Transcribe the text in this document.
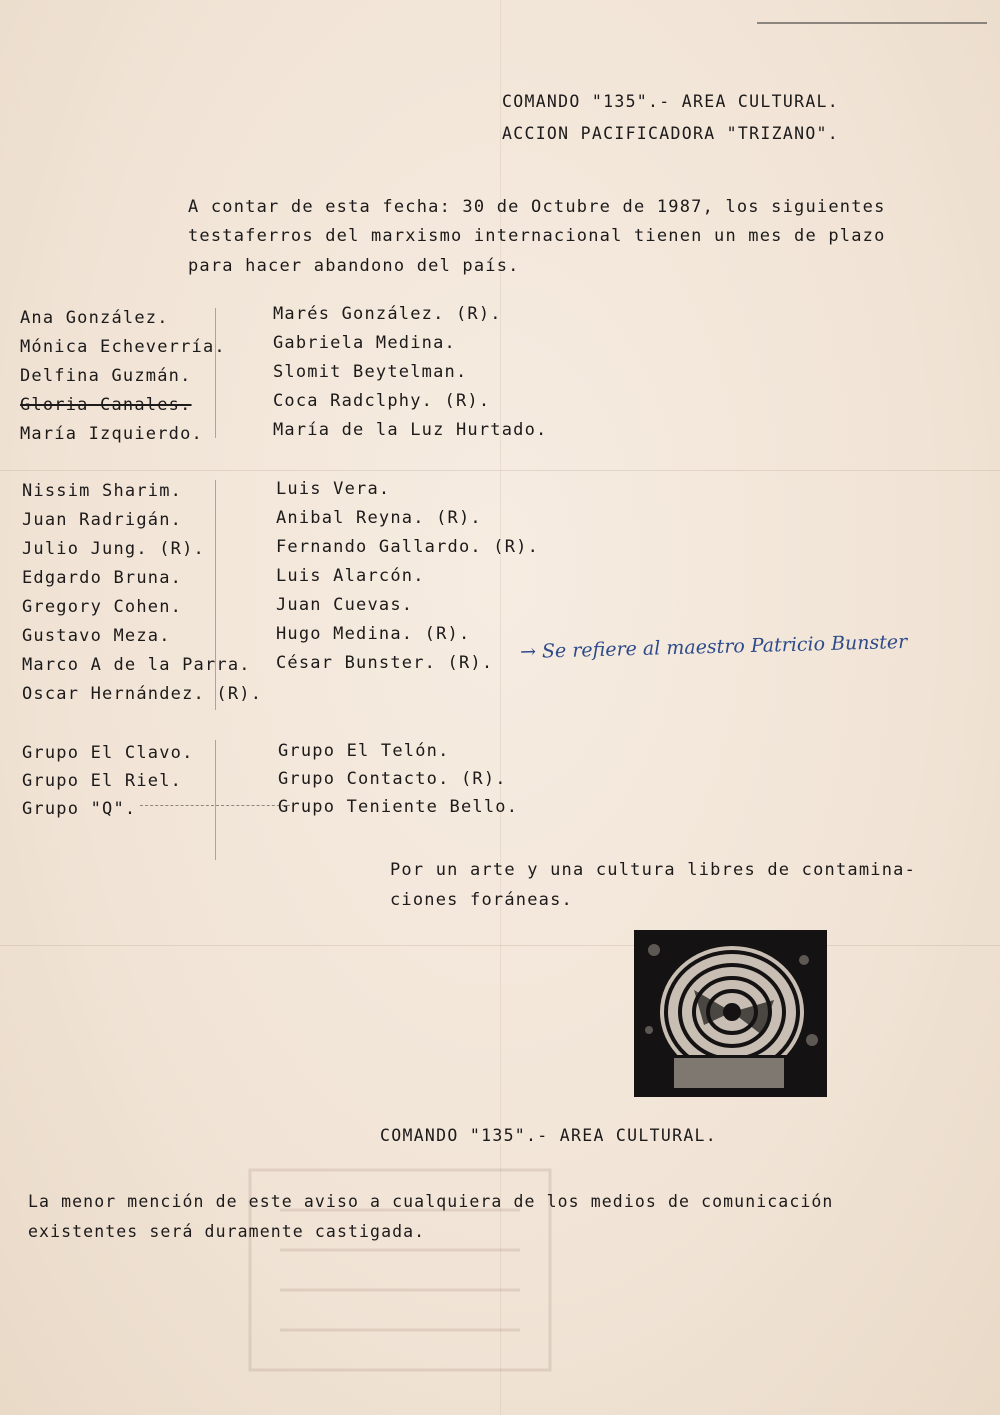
COMANDO "135".- AREA CULTURAL.
ACCION PACIFICADORA "TRIZANO".
A contar de esta fecha: 30 de Octubre de 1987, los siguientes
testaferros del marxismo internacional tienen un mes de plazo
para hacer abandono del país.
Ana González.
Mónica Echeverría.
Delfina Guzmán.
Gloria Canales.
María Izquierdo.
Marés González. (R).
Gabriela Medina.
Slomit Beytelman.
Coca Radclphy. (R).
María de la Luz Hurtado.
Nissim Sharim.
Juan Radrigán.
Julio Jung. (R).
Edgardo Bruna.
Gregory Cohen.
Gustavo Meza.
Marco A de la Parra.
Oscar Hernández. (R).
Luis Vera.
Anibal Reyna. (R).
Fernando Gallardo. (R).
Luis Alarcón.
Juan Cuevas.
Hugo Medina. (R).
César Bunster. (R). → Se refiere al maestro Patricio Bunster
Grupo El Clavo.
Grupo El Riel.
Grupo "Q".
Grupo El Telón.
Grupo Contacto. (R).
Grupo Teniente Bello.
Por un arte y una cultura libres de contamina-
ciones foráneas.
COMANDO "135".- AREA CULTURAL.
La menor mención de este aviso a cualquiera de los medios de comunicación
existentes será duramente castigada.
